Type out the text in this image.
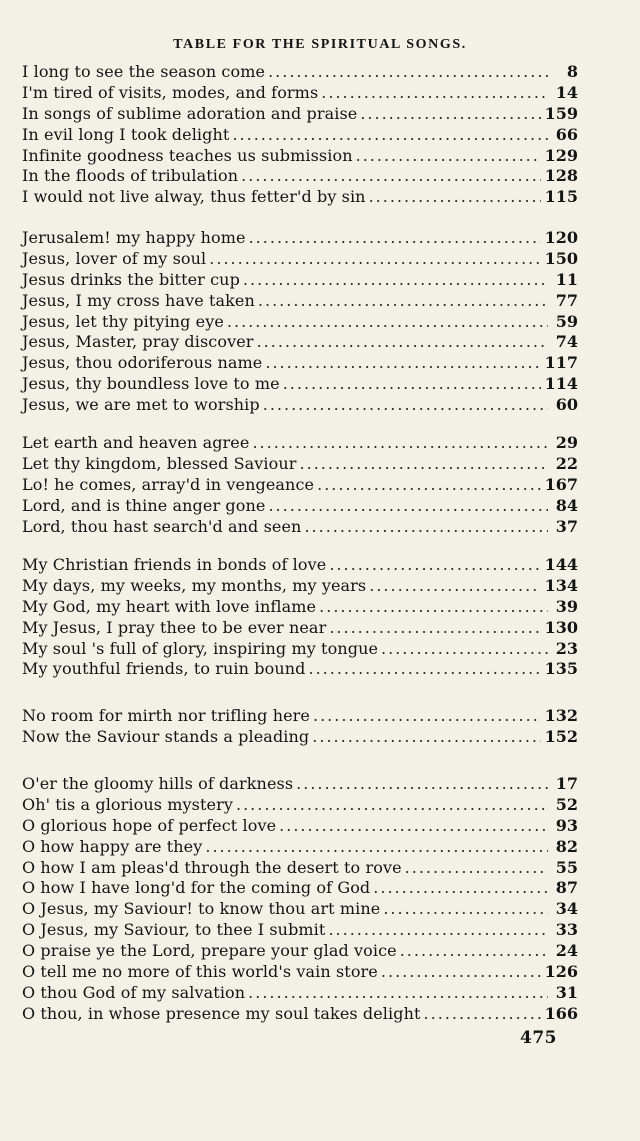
TABLE FOR THE SPIRITUAL SONGS.
I long to see the season come .....	8
I'm tired of visits, modes, and forms .....	14
In songs of sublime adoration and praise .....	159
In evil long I took delight .....	66
Infinite goodness teaches us submission .....	129
In the floods of tribulation .....	128
I would not live alway, thus fetter'd by sin .....	115
Jerusalem! my happy home .....	120
Jesus, lover of my soul .....	150
Jesus drinks the bitter cup .....	11
Jesus, I my cross have taken .....	77
Jesus, let thy pitying eye .....	59
Jesus, Master, pray discover .....	74
Jesus, thou odoriferous name .....	117
Jesus, thy boundless love to me .....	114
Jesus, we are met to worship .....	60
Let earth and heaven agree .....	29
Let thy kingdom, blessed Saviour .....	22
Lo! he comes, array'd in vengeance .....	167
Lord, and is thine anger gone .....	84
Lord, thou hast search'd and seen .....	37
My Christian friends in bonds of love .....	144
My days, my weeks, my months, my years .....	134
My God, my heart with love inflame .....	39
My Jesus, I pray thee to be ever near .....	130
My soul 's full of glory, inspiring my tongue .....	23
My youthful friends, to ruin bound .....	135
No room for mirth nor trifling here .....	132
Now the Saviour stands a pleading .....	152
O'er the gloomy hills of darkness .....	17
Oh' tis a glorious mystery .....	52
O glorious hope of perfect love .....	93
O how happy are they .....	82
O how I am pleas'd through the desert to rove .....	55
O how I have long'd for the coming of God .....	87
O Jesus, my Saviour! to know thou art mine .....	34
O Jesus, my Saviour, to thee I submit .....	33
O praise ye the Lord, prepare your glad voice .....	24
O tell me no more of this world's vain store .....	126
O thou God of my salvation .....	31
O thou, in whose presence my soul takes delight .....	166
475
